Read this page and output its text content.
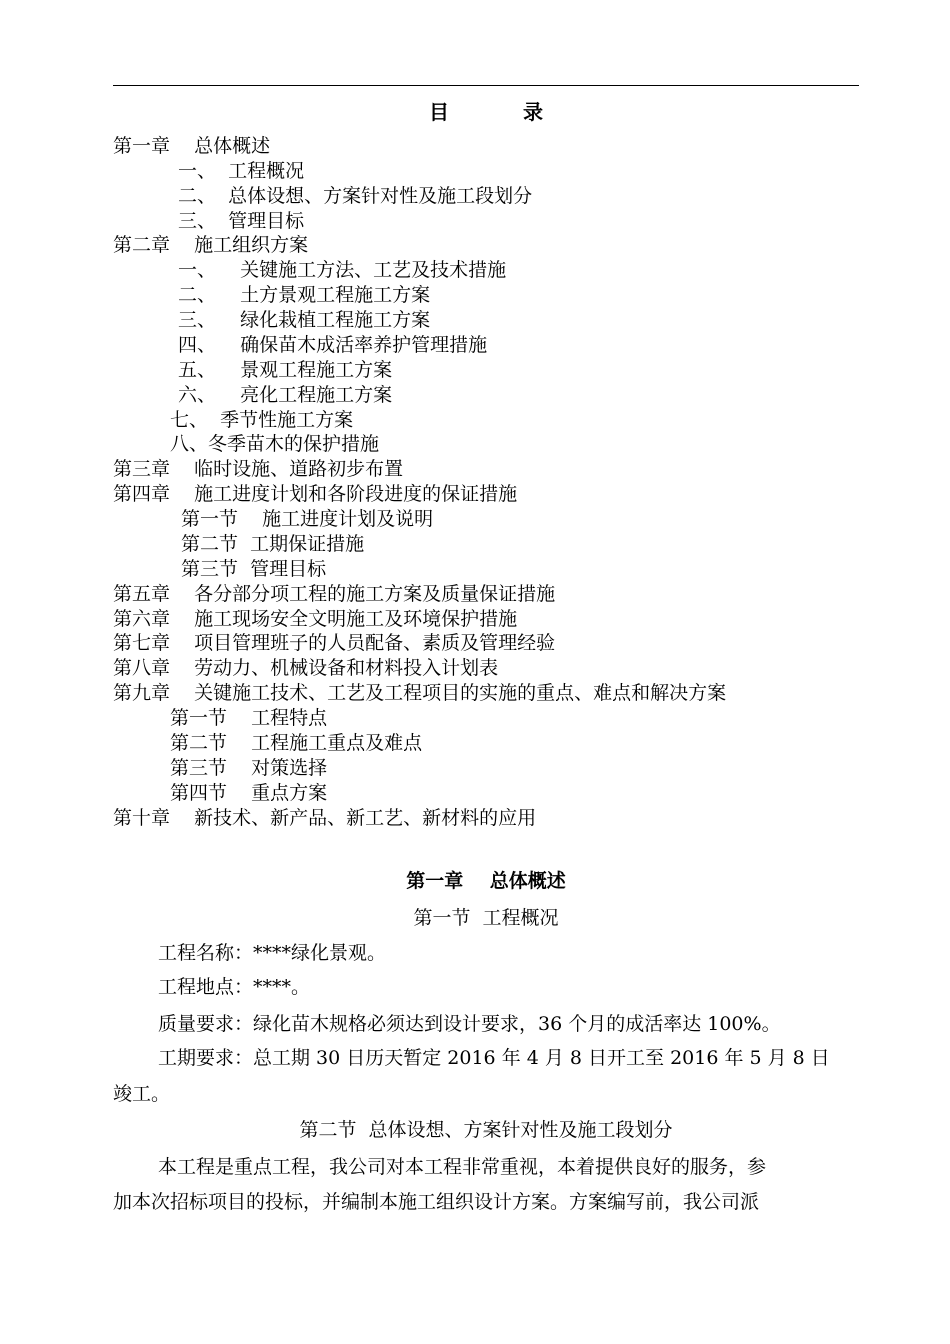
目	录
第一章    总体概述
一、  工程概况
二、  总体设想、方案针对性及施工段划分
三、  管理目标
第二章    施工组织方案
一、    关键施工方法、工艺及技术措施
二、    土方景观工程施工方案
三、    绿化栽植工程施工方案
四、    确保苗木成活率养护管理措施
五、    景观工程施工方案
六、    亮化工程施工方案
七、  季节性施工方案
八、冬季苗木的保护措施
第三章    临时设施、道路初步布置
第四章    施工进度计划和各阶段进度的保证措施
第一节    施工进度计划及说明
第二节  工期保证措施
第三节  管理目标
第五章    各分部分项工程的施工方案及质量保证措施
第六章    施工现场安全文明施工及环境保护措施
第七章    项目管理班子的人员配备、素质及管理经验
第八章    劳动力、机械设备和材料投入计划表
第九章    关键施工技术、工艺及工程项目的实施的重点、难点和解决方案
第一节    工程特点
第二节    工程施工重点及难点
第三节    对策选择
第四节    重点方案
第十章    新技术、新产品、新工艺、新材料的应用
第一章    总体概述
第一节  工程概况
工程名称：****绿化景观。
工程地点：****。
质量要求：绿化苗木规格必须达到设计要求，36 个月的成活率达 100%。
工期要求：总工期 30 日历天暂定 2016 年 4 月 8 日开工至 2016 年 5 月 8 日
竣工。
第二节  总体设想、方案针对性及施工段划分
本工程是重点工程，我公司对本工程非常重视，本着提供良好的服务，参
加本次招标项目的投标，并编制本施工组织设计方案。方案编写前，我公司派
